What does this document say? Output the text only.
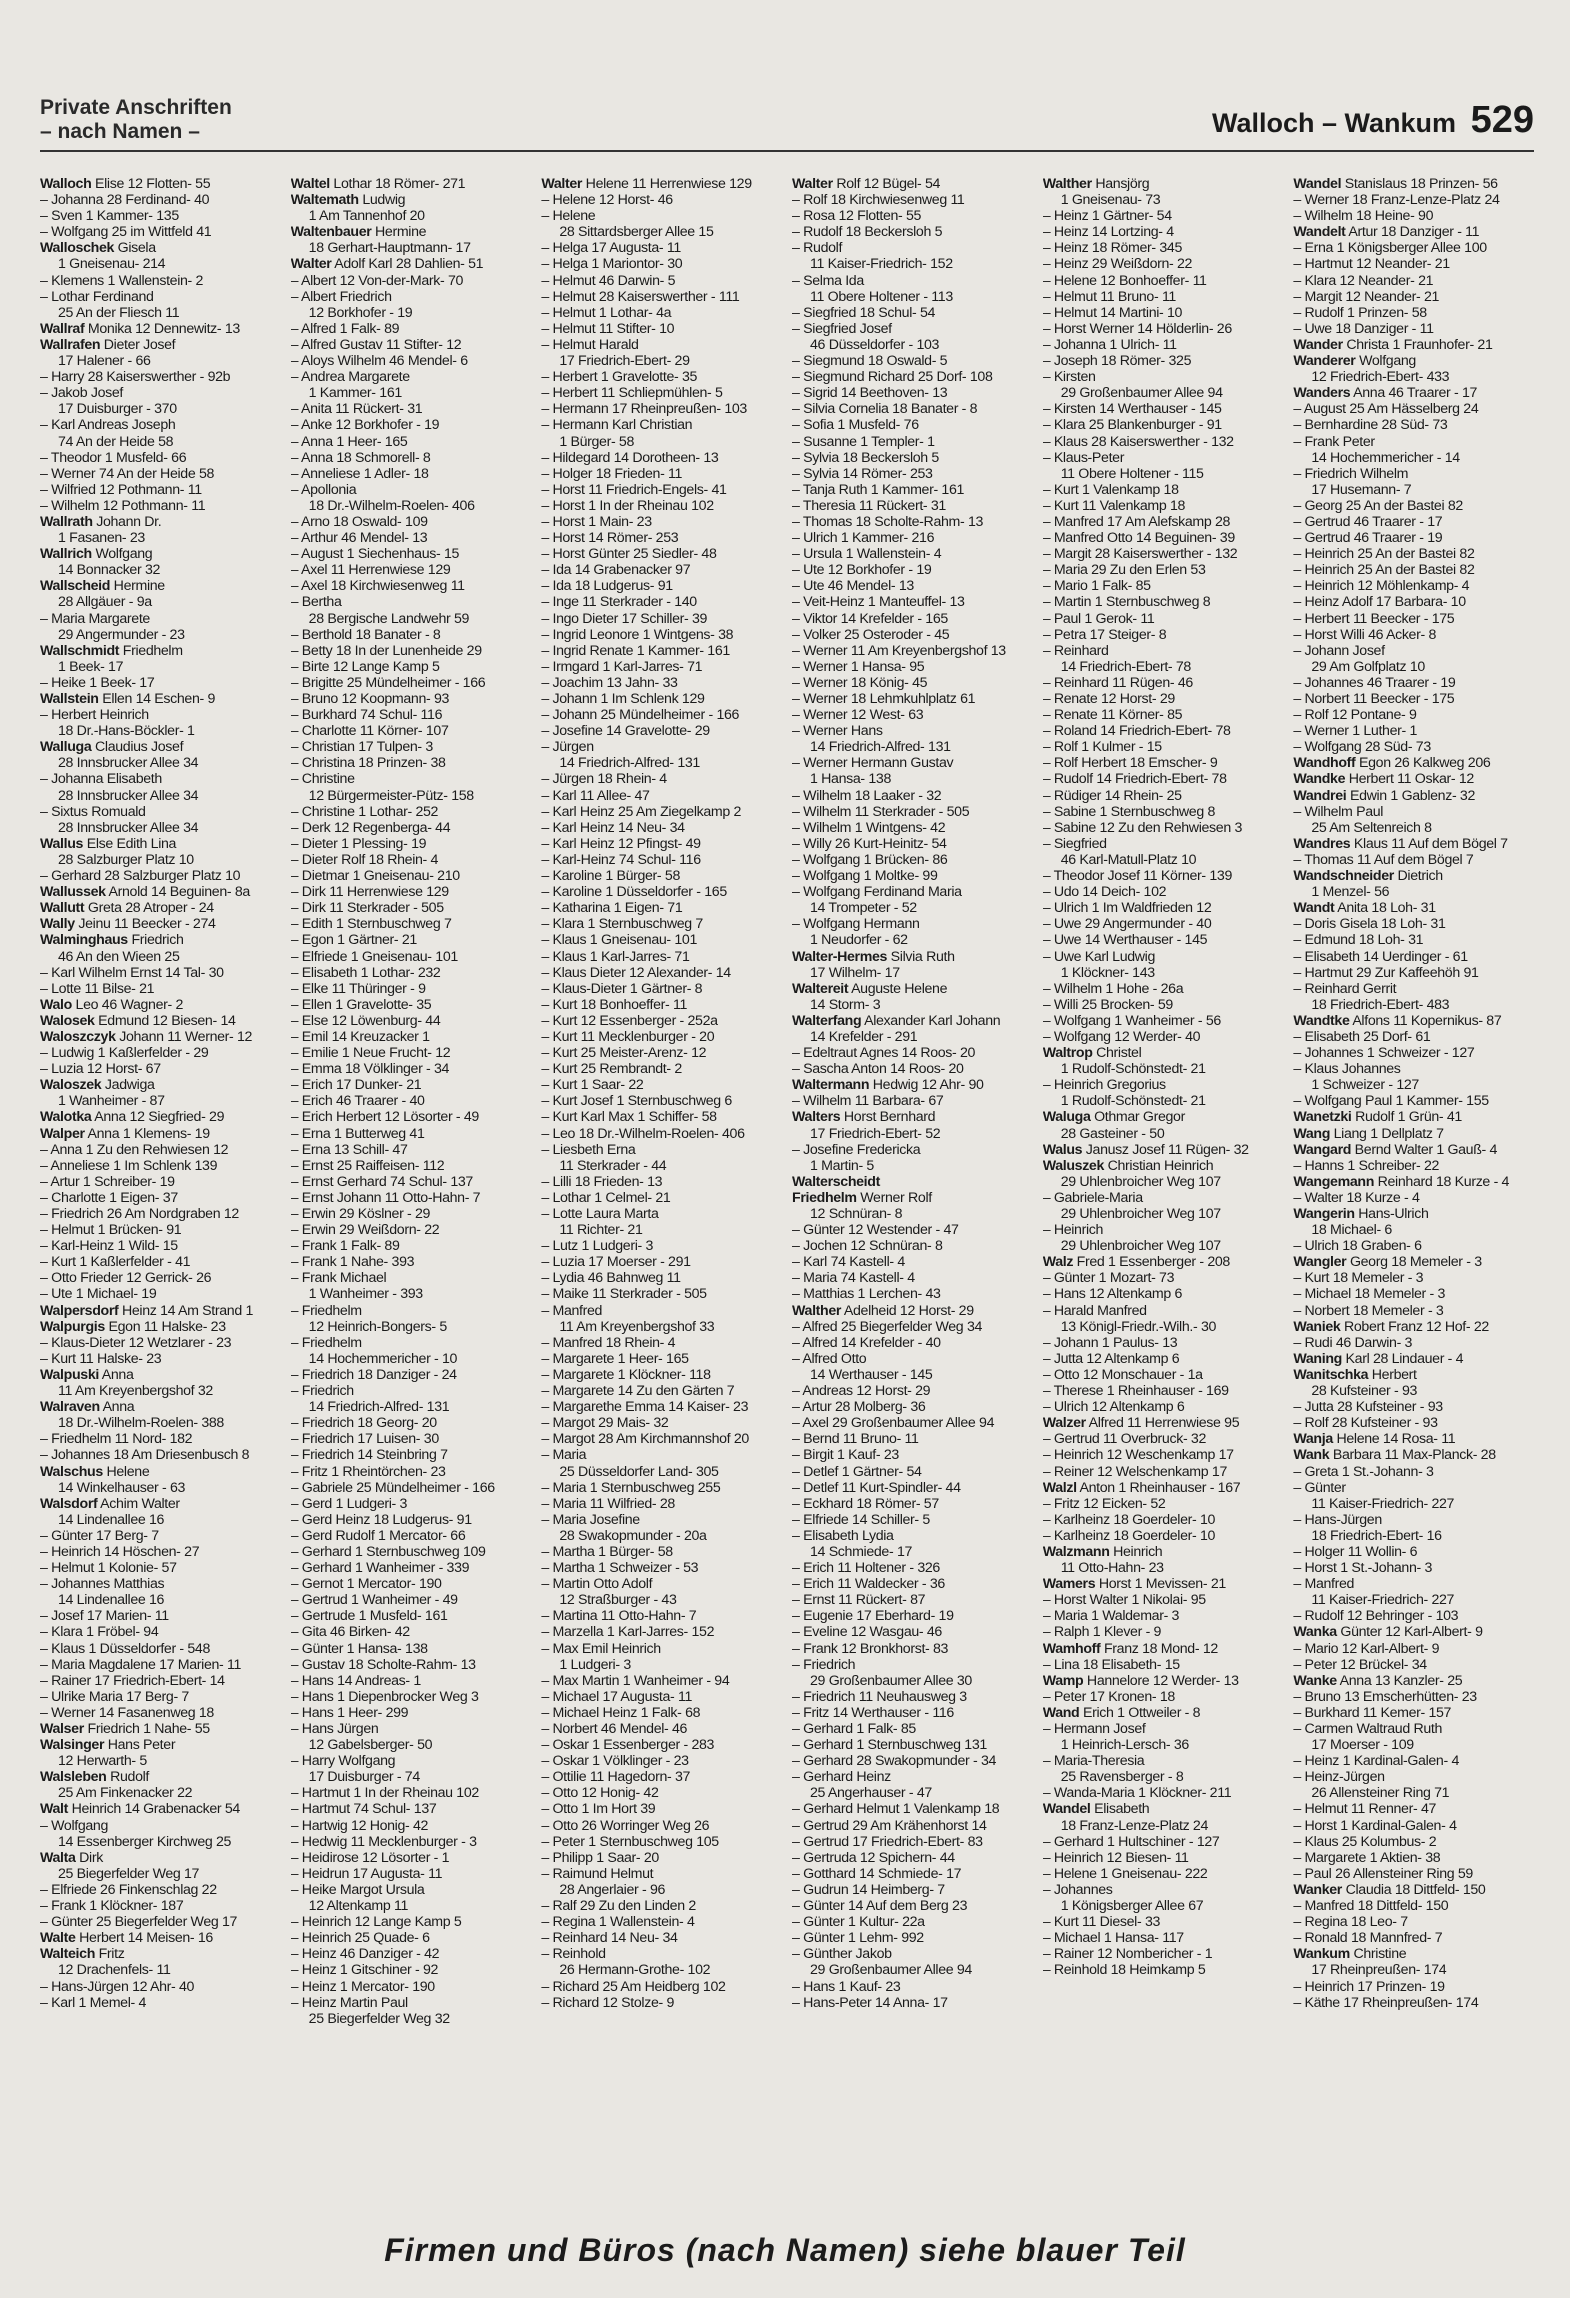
Private Anschriften
– nach Namen –	Walloch – Wankum 529
Walloch Elise 12 Flotten- 55
– Johanna 28 Ferdinand- 40
– Sven 1 Kammer- 135
– Wolfgang 25 im Wittfeld 41
Walloschek Gisela
1 Gneisenau- 214
– Klemens 1 Wallenstein- 2
– Lothar Ferdinand
25 An der Fliesch 11
Wallraf Monika 12 Dennewitz- 13
Wallrafen Dieter Josef
17 Halener - 66
– Harry 28 Kaiserswerther - 92b
– Jakob Josef
17 Duisburger - 370
– Karl Andreas Joseph
74 An der Heide 58
– Theodor 1 Musfeld- 66
– Werner 74 An der Heide 58
– Wilfried 12 Pothmann- 11
– Wilhelm 12 Pothmann- 11
Wallrath Johann Dr.
1 Fasanen- 23
Wallrich Wolfgang
14 Bonnacker 32
Wallscheid Hermine
28 Allgäuer - 9a
– Maria Margarete
29 Angermunder - 23
Wallschmidt Friedhelm
1 Beek- 17
– Heike 1 Beek- 17
Wallstein Ellen 14 Eschen- 9
– Herbert Heinrich
18 Dr.-Hans-Böckler- 1
Walluga Claudius Josef
28 Innsbrucker Allee 34
– Johanna Elisabeth
28 Innsbrucker Allee 34
– Sixtus Romuald
28 Innsbrucker Allee 34
Wallus Else Edith Lina
28 Salzburger Platz 10
– Gerhard 28 Salzburger Platz 10
Wallussek Arnold 14 Beguinen- 8a
Wallutt Greta 28 Atroper - 24
Wally Jeinu 11 Beecker - 274
Walminghaus Friedrich
46 An den Wieen 25
– Karl Wilhelm Ernst 14 Tal- 30
– Lotte 11 Bilse- 21
Walo Leo 46 Wagner- 2
Walosek Edmund 12 Biesen- 14
Waloszczyk Johann 11 Werner- 12
– Ludwig 1 Kaßlerfelder - 29
– Luzia 12 Horst- 67
Waloszek Jadwiga
1 Wanheimer - 87
Walotka Anna 12 Siegfried- 29
Walper Anna 1 Klemens- 19
– Anna 1 Zu den Rehwiesen 12
– Anneliese 1 Im Schlenk 139
– Artur 1 Schreiber- 19
– Charlotte 1 Eigen- 37
– Friedrich 26 Am Nordgraben 12
– Helmut 1 Brücken- 91
– Karl-Heinz 1 Wild- 15
– Kurt 1 Kaßlerfelder - 41
– Otto Frieder 12 Gerrick- 26
– Ute 1 Michael- 19
Walpersdorf Heinz 14 Am Strand 1
Walpurgis Egon 11 Halske- 23
– Klaus-Dieter 12 Wetzlarer - 23
– Kurt 11 Halske- 23
Walpuski Anna
11 Am Kreyenbergshof 32
Walraven Anna
18 Dr.-Wilhelm-Roelen- 388
– Friedhelm 11 Nord- 182
– Johannes 18 Am Driesenbusch 8
Walschus Helene
14 Winkelhauser - 63
Walsdorf Achim Walter
14 Lindenallee 16
– Günter 17 Berg- 7
– Heinrich 14 Höschen- 27
– Helmut 1 Kolonie- 57
– Johannes Matthias
14 Lindenallee 16
– Josef 17 Marien- 11
– Klara 1 Fröbel- 94
– Klaus 1 Düsseldorfer - 548
– Maria Magdalene 17 Marien- 11
– Rainer 17 Friedrich-Ebert- 14
– Ulrike Maria 17 Berg- 7
– Werner 14 Fasanenweg 18
Walser Friedrich 1 Nahe- 55
Walsinger Hans Peter
12 Herwarth- 5
Walsleben Rudolf
25 Am Finkenacker 22
Walt Heinrich 14 Grabenacker 54
– Wolfgang
14 Essenberger Kirchweg 25
Walta Dirk
25 Biegerfelder Weg 17
– Elfriede 26 Finkenschlag 22
– Frank 1 Klöckner- 187
– Günter 25 Biegerfelder Weg 17
Walte Herbert 14 Meisen- 16
Walteich Fritz
12 Drachenfels- 11
– Hans-Jürgen 12 Ahr- 40
– Karl 1 Memel- 4
Waltel Lothar 18 Römer- 271
Waltemath Ludwig
1 Am Tannenhof 20
Waltenbauer Hermine
18 Gerhart-Hauptmann- 17
Walter Adolf Karl 28 Dahlien- 51
– Albert 12 Von-der-Mark- 70
– Albert Friedrich
12 Borkhofer - 19
– Alfred 1 Falk- 89
– Alfred Gustav 11 Stifter- 12
– Aloys Wilhelm 46 Mendel- 6
– Andrea Margarete
1 Kammer- 161
– Anita 11 Rückert- 31
– Anke 12 Borkhofer - 19
– Anna 1 Heer- 165
– Anna 18 Schmorell- 8
– Anneliese 1 Adler- 18
– Apollonia
18 Dr.-Wilhelm-Roelen- 406
– Arno 18 Oswald- 109
– Arthur 46 Mendel- 13
– August 1 Siechenhaus- 15
– Axel 11 Herrenwiese 129
– Axel 18 Kirchwiesenweg 11
– Bertha
28 Bergische Landwehr 59
– Berthold 18 Banater - 8
– Betty 18 In der Lunenheide 29
– Birte 12 Lange Kamp 5
– Brigitte 25 Mündelheimer - 166
– Bruno 12 Koopmann- 93
– Burkhard 74 Schul- 116
– Charlotte 11 Körner- 107
– Christian 17 Tulpen- 3
– Christina 18 Prinzen- 38
– Christine
12 Bürgermeister-Pütz- 158
– Christine 1 Lothar- 252
– Derk 12 Regenberga- 44
– Dieter 1 Plessing- 19
– Dieter Rolf 18 Rhein- 4
– Dietmar 1 Gneisenau- 210
– Dirk 11 Herrenwiese 129
– Dirk 11 Sterkrader - 505
– Edith 1 Sternbuschweg 7
– Egon 1 Gärtner- 21
– Elfriede 1 Gneisenau- 101
– Elisabeth 1 Lothar- 232
– Elke 11 Thüringer - 9
– Ellen 1 Gravelotte- 35
– Else 12 Löwenburg- 44
– Emil 14 Kreuzacker 1
– Emilie 1 Neue Frucht- 12
– Emma 18 Völklinger - 34
– Erich 17 Dunker- 21
– Erich 46 Traarer - 40
– Erich Herbert 12 Lösorter - 49
– Erna 1 Butterweg 41
– Erna 13 Schill- 47
– Ernst 25 Raiffeisen- 112
– Ernst Gerhard 74 Schul- 137
– Ernst Johann 11 Otto-Hahn- 7
– Erwin 29 Köslner - 29
– Erwin 29 Weißdorn- 22
– Frank 1 Falk- 89
– Frank 1 Nahe- 393
– Frank Michael
1 Wanheimer - 393
– Friedhelm
12 Heinrich-Bongers- 5
– Friedhelm
14 Hochemmericher - 10
– Friedrich 18 Danziger - 24
– Friedrich
14 Friedrich-Alfred- 131
– Friedrich 18 Georg- 20
– Friedrich 17 Luisen- 30
– Friedrich 14 Steinbring 7
– Fritz 1 Rheintörchen- 23
– Gabriele 25 Mündelheimer - 166
– Gerd 1 Ludgeri- 3
– Gerd Heinz 18 Ludgerus- 91
– Gerd Rudolf 1 Mercator- 66
– Gerhard 1 Sternbuschweg 109
– Gerhard 1 Wanheimer - 339
– Gernot 1 Mercator- 190
– Gertrud 1 Wanheimer - 49
– Gertrude 1 Musfeld- 161
– Gita 46 Birken- 42
– Günter 1 Hansa- 138
– Gustav 18 Scholte-Rahm- 13
– Hans 14 Andreas- 1
– Hans 1 Diepenbrocker Weg 3
– Hans 1 Heer- 299
– Hans Jürgen
12 Gabelsberger- 50
– Harry Wolfgang
17 Duisburger - 74
– Hartmut 1 In der Rheinau 102
– Hartmut 74 Schul- 137
– Hartwig 12 Honig- 42
– Hedwig 11 Mecklenburger - 3
– Heidirose 12 Lösorter - 1
– Heidrun 17 Augusta- 11
– Heike Margot Ursula
12 Altenkamp 11
– Heinrich 12 Lange Kamp 5
– Heinrich 25 Quade- 6
– Heinz 46 Danziger - 42
– Heinz 1 Gitschiner - 92
– Heinz 1 Mercator- 190
– Heinz Martin Paul
25 Biegerfelder Weg 32
Walter Helene 11 Herrenwiese 129
– Helene 12 Horst- 46
– Helene
28 Sittardsberger Allee 15
– Helga 17 Augusta- 11
– Helga 1 Mariontor- 30
– Helmut 46 Darwin- 5
– Helmut 28 Kaiserswerther - 111
– Helmut 1 Lothar- 4a
– Helmut 11 Stifter- 10
– Helmut Harald
17 Friedrich-Ebert- 29
– Herbert 1 Gravelotte- 35
– Herbert 11 Schliepmühlen- 5
– Hermann 17 Rheinpreußen- 103
– Hermann Karl Christian
1 Bürger- 58
– Hildegard 14 Dorotheen- 13
– Holger 18 Frieden- 11
– Horst 11 Friedrich-Engels- 41
– Horst 1 In der Rheinau 102
– Horst 1 Main- 23
– Horst 14 Römer- 253
– Horst Günter 25 Siedler- 48
– Ida 14 Grabenacker 97
– Ida 18 Ludgerus- 91
– Inge 11 Sterkrader - 140
– Ingo Dieter 17 Schiller- 39
– Ingrid Leonore 1 Wintgens- 38
– Ingrid Renate 1 Kammer- 161
– Irmgard 1 Karl-Jarres- 71
– Joachim 13 Jahn- 33
– Johann 1 Im Schlenk 129
– Johann 25 Mündelheimer - 166
– Josefine 14 Gravelotte- 29
– Jürgen
14 Friedrich-Alfred- 131
– Jürgen 18 Rhein- 4
– Karl 11 Allee- 47
– Karl Heinz 25 Am Ziegelkamp 2
– Karl Heinz 14 Neu- 34
– Karl Heinz 12 Pfingst- 49
– Karl-Heinz 74 Schul- 116
– Karoline 1 Bürger- 58
– Karoline 1 Düsseldorfer - 165
– Katharina 1 Eigen- 71
– Klara 1 Sternbuschweg 7
– Klaus 1 Gneisenau- 101
– Klaus 1 Karl-Jarres- 71
– Klaus Dieter 12 Alexander- 14
– Klaus-Dieter 1 Gärtner- 8
– Kurt 18 Bonhoeffer- 11
– Kurt 12 Essenberger - 252a
– Kurt 11 Mecklenburger - 20
– Kurt 25 Meister-Arenz- 12
– Kurt 25 Rembrandt- 2
– Kurt 1 Saar- 22
– Kurt Josef 1 Sternbuschweg 6
– Kurt Karl Max 1 Schiffer- 58
– Leo 18 Dr.-Wilhelm-Roelen- 406
– Liesbeth Erna
11 Sterkrader - 44
– Lilli 18 Frieden- 13
– Lothar 1 Celmel- 21
– Lotte Laura Marta
11 Richter- 21
– Lutz 1 Ludgeri- 3
– Luzia 17 Moerser - 291
– Lydia 46 Bahnweg 11
– Maike 11 Sterkrader - 505
– Manfred
11 Am Kreyenbergshof 33
– Manfred 18 Rhein- 4
– Margarete 1 Heer- 165
– Margarete 1 Klöckner- 118
– Margarete 14 Zu den Gärten 7
– Margarethe Emma 14 Kaiser- 23
– Margot 29 Mais- 32
– Margot 28 Am Kirchmannshof 20
– Maria
25 Düsseldorfer Land- 305
– Maria 1 Sternbuschweg 255
– Maria 11 Wilfried- 28
– Maria Josefine
28 Swakopmunder - 20a
– Martha 1 Bürger- 58
– Martha 1 Schweizer - 53
– Martin Otto Adolf
12 Straßburger - 43
– Martina 11 Otto-Hahn- 7
– Marzella 1 Karl-Jarres- 152
– Max Emil Heinrich
1 Ludgeri- 3
– Max Martin 1 Wanheimer - 94
– Michael 17 Augusta- 11
– Michael Heinz 1 Falk- 68
– Norbert 46 Mendel- 46
– Oskar 1 Essenberger - 283
– Oskar 1 Völklinger - 23
– Ottilie 11 Hagedorn- 37
– Otto 12 Honig- 42
– Otto 1 Im Hort 39
– Otto 26 Worringer Weg 26
– Peter 1 Sternbuschweg 105
– Philipp 1 Saar- 20
– Raimund Helmut
28 Angerlaier - 96
– Ralf 29 Zu den Linden 2
– Regina 1 Wallenstein- 4
– Reinhard 14 Neu- 34
– Reinhold
26 Hermann-Grothe- 102
– Richard 25 Am Heidberg 102
– Richard 12 Stolze- 9
Walter Rolf 12 Bügel- 54
– Rolf 18 Kirchwiesenweg 11
– Rosa 12 Flotten- 55
– Rudolf 18 Beckersloh 5
– Rudolf
11 Kaiser-Friedrich- 152
– Selma Ida
11 Obere Holtener - 113
– Siegfried 18 Schul- 54
– Siegfried Josef
46 Düsseldorfer - 103
– Siegmund 18 Oswald- 5
– Siegmund Richard 25 Dorf- 108
– Sigrid 14 Beethoven- 13
– Silvia Cornelia 18 Banater - 8
– Sofia 1 Musfeld- 76
– Susanne 1 Templer- 1
– Sylvia 18 Beckersloh 5
– Sylvia 14 Römer- 253
– Tanja Ruth 1 Kammer- 161
– Theresia 11 Rückert- 31
– Thomas 18 Scholte-Rahm- 13
– Ulrich 1 Kammer- 216
– Ursula 1 Wallenstein- 4
– Ute 12 Borkhofer - 19
– Ute 46 Mendel- 13
– Veit-Heinz 1 Manteuffel- 13
– Viktor 14 Krefelder - 165
– Volker 25 Osteroder - 45
– Werner 11 Am Kreyenbergshof 13
– Werner 1 Hansa- 95
– Werner 18 König- 45
– Werner 18 Lehmkuhlplatz 61
– Werner 12 West- 63
– Werner Hans
14 Friedrich-Alfred- 131
– Werner Hermann Gustav
1 Hansa- 138
– Wilhelm 18 Laaker - 32
– Wilhelm 11 Sterkrader - 505
– Wilhelm 1 Wintgens- 42
– Willy 26 Kurt-Heinitz- 54
– Wolfgang 1 Brücken- 86
– Wolfgang 1 Moltke- 99
– Wolfgang Ferdinand Maria
14 Trompeter - 52
– Wolfgang Hermann
1 Neudorfer - 62
Walter-Hermes Silvia Ruth
17 Wilhelm- 17
Waltereit Auguste Helene
14 Storm- 3
Walterfang Alexander Karl Johann
14 Krefelder - 291
– Edeltraut Agnes 14 Roos- 20
– Sascha Anton 14 Roos- 20
Waltermann Hedwig 12 Ahr- 90
– Wilhelm 11 Barbara- 67
Walters Horst Bernhard
17 Friedrich-Ebert- 52
– Josefine Fredericka
1 Martin- 5
Walterscheidt
Friedhelm Werner Rolf
12 Schnüran- 8
– Günter 12 Westender - 47
– Jochen 12 Schnüran- 8
– Karl 74 Kastell- 4
– Maria 74 Kastell- 4
– Matthias 1 Lerchen- 43
Walther Adelheid 12 Horst- 29
– Alfred 25 Biegerfelder Weg 34
– Alfred 14 Krefelder - 40
– Alfred Otto
14 Werthauser - 145
– Andreas 12 Horst- 29
– Artur 28 Molberg- 36
– Axel 29 Großenbaumer Allee 94
– Bernd 11 Bruno- 11
– Birgit 1 Kauf- 23
– Detlef 1 Gärtner- 54
– Detlef 11 Kurt-Spindler- 44
– Eckhard 18 Römer- 57
– Elfriede 14 Schiller- 5
– Elisabeth Lydia
14 Schmiede- 17
– Erich 11 Holtener - 326
– Erich 11 Waldecker - 36
– Ernst 11 Rückert- 87
– Eugenie 17 Eberhard- 19
– Eveline 12 Wasgau- 46
– Frank 12 Bronkhorst- 83
– Friedrich
29 Großenbaumer Allee 30
– Friedrich 11 Neuhausweg 3
– Fritz 14 Werthauser - 116
– Gerhard 1 Falk- 85
– Gerhard 1 Sternbuschweg 131
– Gerhard 28 Swakopmunder - 34
– Gerhard Heinz
25 Angerhauser - 47
– Gerhard Helmut 1 Valenkamp 18
– Gertrud 29 Am Krähenhorst 14
– Gertrud 17 Friedrich-Ebert- 83
– Gertruda 12 Spichern- 44
– Gotthard 14 Schmiede- 17
– Gudrun 14 Heimberg- 7
– Günter 14 Auf dem Berg 23
– Günter 1 Kultur- 22a
– Günter 1 Lehm- 992
– Günther Jakob
29 Großenbaumer Allee 94
– Hans 1 Kauf- 23
– Hans-Peter 14 Anna- 17
Walther Hansjörg
1 Gneisenau- 73
– Heinz 1 Gärtner- 54
– Heinz 14 Lortzing- 4
– Heinz 18 Römer- 345
– Heinz 29 Weißdorn- 22
– Helene 12 Bonhoeffer- 11
– Helmut 11 Bruno- 11
– Helmut 14 Martini- 10
– Horst Werner 14 Hölderlin- 26
– Johanna 1 Ulrich- 11
– Joseph 18 Römer- 325
– Kirsten
29 Großenbaumer Allee 94
– Kirsten 14 Werthauser - 145
– Klara 25 Blankenburger - 91
– Klaus 28 Kaiserswerther - 132
– Klaus-Peter
11 Obere Holtener - 115
– Kurt 1 Valenkamp 18
– Kurt 11 Valenkamp 18
– Manfred 17 Am Alefskamp 28
– Manfred Otto 14 Beguinen- 39
– Margit 28 Kaiserswerther - 132
– Maria 29 Zu den Erlen 53
– Mario 1 Falk- 85
– Martin 1 Sternbuschweg 8
– Paul 1 Gerok- 11
– Petra 17 Steiger- 8
– Reinhard
14 Friedrich-Ebert- 78
– Reinhard 11 Rügen- 46
– Renate 12 Horst- 29
– Renate 11 Körner- 85
– Roland 14 Friedrich-Ebert- 78
– Rolf 1 Kulmer - 15
– Rolf Herbert 18 Emscher- 9
– Rudolf 14 Friedrich-Ebert- 78
– Rüdiger 14 Rhein- 25
– Sabine 1 Sternbuschweg 8
– Sabine 12 Zu den Rehwiesen 3
– Siegfried
46 Karl-Matull-Platz 10
– Theodor Josef 11 Körner- 139
– Udo 14 Deich- 102
– Ulrich 1 Im Waldfrieden 12
– Uwe 29 Angermunder - 40
– Uwe 14 Werthauser - 145
– Uwe Karl Ludwig
1 Klöckner- 143
– Wilhelm 1 Hohe - 26a
– Willi 25 Brocken- 59
– Wolfgang 1 Wanheimer - 56
– Wolfgang 12 Werder- 40
Waltrop Christel
1 Rudolf-Schönstedt- 21
– Heinrich Gregorius
1 Rudolf-Schönstedt- 21
Waluga Othmar Gregor
28 Gasteiner - 50
Walus Janusz Josef 11 Rügen- 32
Waluszek Christian Heinrich
29 Uhlenbroicher Weg 107
– Gabriele-Maria
29 Uhlenbroicher Weg 107
– Heinrich
29 Uhlenbroicher Weg 107
Walz Fred 1 Essenberger - 208
– Günter 1 Mozart- 73
– Hans 12 Altenkamp 6
– Harald Manfred
13 Königl-Friedr.-Wilh.- 30
– Johann 1 Paulus- 13
– Jutta 12 Altenkamp 6
– Otto 12 Monschauer - 1a
– Therese 1 Rheinhauser - 169
– Ulrich 12 Altenkamp 6
Walzer Alfred 11 Herrenwiese 95
– Gertrud 11 Overbruck- 32
– Heinrich 12 Weschenkamp 17
– Reiner 12 Welschenkamp 17
Walzl Anton 1 Rheinhauser - 167
– Fritz 12 Eicken- 52
– Karlheinz 18 Goerdeler- 10
– Karlheinz 18 Goerdeler- 10
Walzmann Heinrich
11 Otto-Hahn- 23
Wamers Horst 1 Mevissen- 21
– Horst Walter 1 Nikolai- 95
– Maria 1 Waldemar- 3
– Ralph 1 Klever - 9
Wamhoff Franz 18 Mond- 12
– Lina 18 Elisabeth- 15
Wamp Hannelore 12 Werder- 13
– Peter 17 Kronen- 18
Wand Erich 1 Ottweiler - 8
– Hermann Josef
1 Heinrich-Lersch- 36
– Maria-Theresia
25 Ravensberger - 8
– Wanda-Maria 1 Klöckner- 211
Wandel Elisabeth
18 Franz-Lenze-Platz 24
– Gerhard 1 Hultschiner - 127
– Heinrich 12 Biesen- 11
– Helene 1 Gneisenau- 222
– Johannes
1 Königsberger Allee 67
– Kurt 11 Diesel- 33
– Michael 1 Hansa- 117
– Rainer 12 Nombericher - 1
– Reinhold 18 Heimkamp 5
Wandel Stanislaus 18 Prinzen- 56
– Werner 18 Franz-Lenze-Platz 24
– Wilhelm 18 Heine- 90
Wandelt Artur 18 Danziger - 11
– Erna 1 Königsberger Allee 100
– Hartmut 12 Neander- 21
– Klara 12 Neander- 21
– Margit 12 Neander- 21
– Rudolf 1 Prinzen- 58
– Uwe 18 Danziger - 11
Wander Christa 1 Fraunhofer- 21
Wanderer Wolfgang
12 Friedrich-Ebert- 433
Wanders Anna 46 Traarer - 17
– August 25 Am Hässelberg 24
– Bernhardine 28 Süd- 73
– Frank Peter
14 Hochemmericher - 14
– Friedrich Wilhelm
17 Husemann- 7
– Georg 25 An der Bastei 82
– Gertrud 46 Traarer - 17
– Gertrud 46 Traarer - 19
– Heinrich 25 An der Bastei 82
– Heinrich 25 An der Bastei 82
– Heinrich 12 Möhlenkamp- 4
– Heinz Adolf 17 Barbara- 10
– Herbert 11 Beecker - 175
– Horst Willi 46 Acker- 8
– Johann Josef
29 Am Golfplatz 10
– Johannes 46 Traarer - 19
– Norbert 11 Beecker - 175
– Rolf 12 Pontane- 9
– Werner 1 Luther- 1
– Wolfgang 28 Süd- 73
Wandhoff Egon 26 Kalkweg 206
Wandke Herbert 11 Oskar- 12
Wandrei Edwin 1 Gablenz- 32
– Wilhelm Paul
25 Am Seltenreich 8
Wandres Klaus 11 Auf dem Bögel 7
– Thomas 11 Auf dem Bögel 7
Wandschneider Dietrich
1 Menzel- 56
Wandt Anita 18 Loh- 31
– Doris Gisela 18 Loh- 31
– Edmund 18 Loh- 31
– Elisabeth 14 Uerdinger - 61
– Hartmut 29 Zur Kaffeehöh 91
– Reinhard Gerrit
18 Friedrich-Ebert- 483
Wandtke Alfons 11 Kopernikus- 87
– Elisabeth 25 Dorf- 61
– Johannes 1 Schweizer - 127
– Klaus Johannes
1 Schweizer - 127
– Wolfgang Paul 1 Kammer- 155
Wanetzki Rudolf 1 Grün- 41
Wang Liang 1 Dellplatz 7
Wangard Bernd Walter 1 Gauß- 4
– Hanns 1 Schreiber- 22
Wangemann Reinhard 18 Kurze - 4
– Walter 18 Kurze - 4
Wangerin Hans-Ulrich
18 Michael- 6
– Ulrich 18 Graben- 6
Wangler Georg 18 Memeler - 3
– Kurt 18 Memeler - 3
– Michael 18 Memeler - 3
– Norbert 18 Memeler - 3
Waniek Robert Franz 12 Hof- 22
– Rudi 46 Darwin- 3
Waning Karl 28 Lindauer - 4
Wanitschka Herbert
28 Kufsteiner - 93
– Jutta 28 Kufsteiner - 93
– Rolf 28 Kufsteiner - 93
Wanja Helene 14 Rosa- 11
Wank Barbara 11 Max-Planck- 28
– Greta 1 St.-Johann- 3
– Günter
11 Kaiser-Friedrich- 227
– Hans-Jürgen
18 Friedrich-Ebert- 16
– Holger 11 Wollin- 6
– Horst 1 St.-Johann- 3
– Manfred
11 Kaiser-Friedrich- 227
– Rudolf 12 Behringer - 103
Wanka Günter 12 Karl-Albert- 9
– Mario 12 Karl-Albert- 9
– Peter 12 Brückel- 34
Wanke Anna 13 Kanzler- 25
– Bruno 13 Emscherhütten- 23
– Burkhard 11 Kemer- 157
– Carmen Waltraud Ruth
17 Moerser - 109
– Heinz 1 Kardinal-Galen- 4
– Heinz-Jürgen
26 Allensteiner Ring 71
– Helmut 11 Renner- 47
– Horst 1 Kardinal-Galen- 4
– Klaus 25 Kolumbus- 2
– Margarete 1 Aktien- 38
– Paul 26 Allensteiner Ring 59
Wanker Claudia 18 Dittfeld- 150
– Manfred 18 Dittfeld- 150
– Regina 18 Leo- 7
– Ronald 18 Mannfred- 7
Wankum Christine
17 Rheinpreußen- 174
– Heinrich 17 Prinzen- 19
– Käthe 17 Rheinpreußen- 174
Firmen und Büros (nach Namen) siehe blauer Teil
